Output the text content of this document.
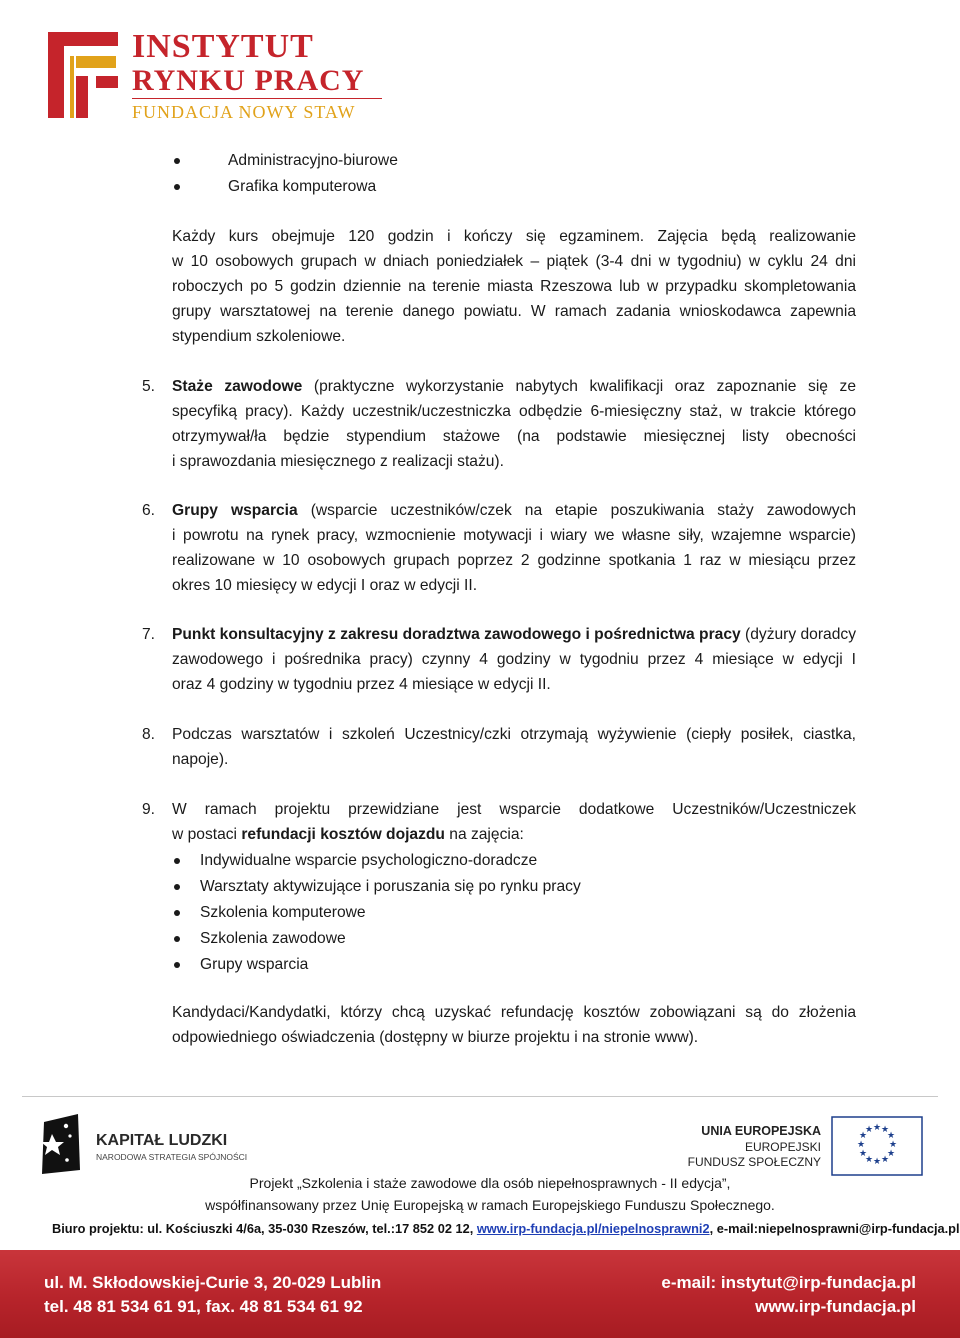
INSTYTUT
RYNKU PRACY
FUNDACJA NOWY STAW
Administracyjno-biurowe
Grafika komputerowa
Każdy kurs obejmuje 120 godzin i kończy się egzaminem. Zajęcia będą realizowanie
w 10 osobowych grupach w dniach poniedziałek – piątek (3-4 dni w tygodniu) w cyklu 24 dni
roboczych po 5 godzin dziennie na terenie miasta Rzeszowa lub w przypadku skompletowania
grupy warsztatowej na terenie danego powiatu. W ramach zadania wnioskodawca zapewnia
stypendium szkoleniowe.
5.	Staże zawodowe (praktyczne wykorzystanie nabytych kwalifikacji oraz zapoznanie się ze
specyfiką pracy). Każdy uczestnik/uczestniczka odbędzie 6-miesięczny staż, w trakcie którego
otrzymywał/ła będzie stypendium stażowe (na podstawie miesięcznej listy obecności
i sprawozdania miesięcznego z realizacji stażu).
6.	Grupy wsparcia (wsparcie uczestników/czek na etapie poszukiwania staży zawodowych
i powrotu na rynek pracy, wzmocnienie motywacji i wiary we własne siły, wzajemne wsparcie)
realizowane w 10 osobowych grupach poprzez 2 godzinne spotkania 1 raz w miesiącu przez
okres 10 miesięcy w edycji I oraz w edycji II.
7.	Punkt konsultacyjny z zakresu doradztwa zawodowego i pośrednictwa pracy (dyżury doradcy
zawodowego i pośrednika pracy) czynny 4 godziny w tygodniu przez 4 miesiące w edycji I
oraz 4 godziny w tygodniu przez 4 miesiące w edycji II.
8.	Podczas warsztatów i szkoleń Uczestnicy/czki otrzymają wyżywienie (ciepły posiłek, ciastka,
napoje).
9.	W ramach projektu przewidziane jest wsparcie dodatkowe Uczestników/Uczestniczek
w postaci refundacji kosztów dojazdu na zajęcia:
Indywidualne wsparcie psychologiczno-doradcze
Warsztaty aktywizujące i poruszania się po rynku pracy
Szkolenia komputerowe
Szkolenia zawodowe
Grupy wsparcia
Kandydaci/Kandydatki, którzy chcą uzyskać refundację kosztów zobowiązani są do złożenia
odpowiedniego oświadczenia (dostępny w biurze projektu i na stronie www).
KAPITAŁ LUDZKI
NARODOWA STRATEGIA SPÓJNOŚCI
UNIA EUROPEJSKA
EUROPEJSKI
FUNDUSZ SPOŁECZNY
★ ★
★
★
★
★
★
★
★
★
★
★
Projekt „Szkolenia i staże zawodowe dla osób niepełnosprawnych - II edycja”,
współfinansowany przez Unię Europejską w ramach Europejskiego Funduszu Społecznego.
Biuro projektu: ul. Kościuszki 4/6a, 35-030 Rzeszów, tel.:17 852 02 12, www.irp-fundacja.pl/niepelnosprawni2, e-mail:niepelnosprawni@irp-fundacja.pl
ul. M. Skłodowskiej-Curie 3, 20-029 Lublin
tel. 48 81 534 61 91, fax. 48 81 534 61 92
e-mail: instytut@irp-fundacja.pl
www.irp-fundacja.pl
